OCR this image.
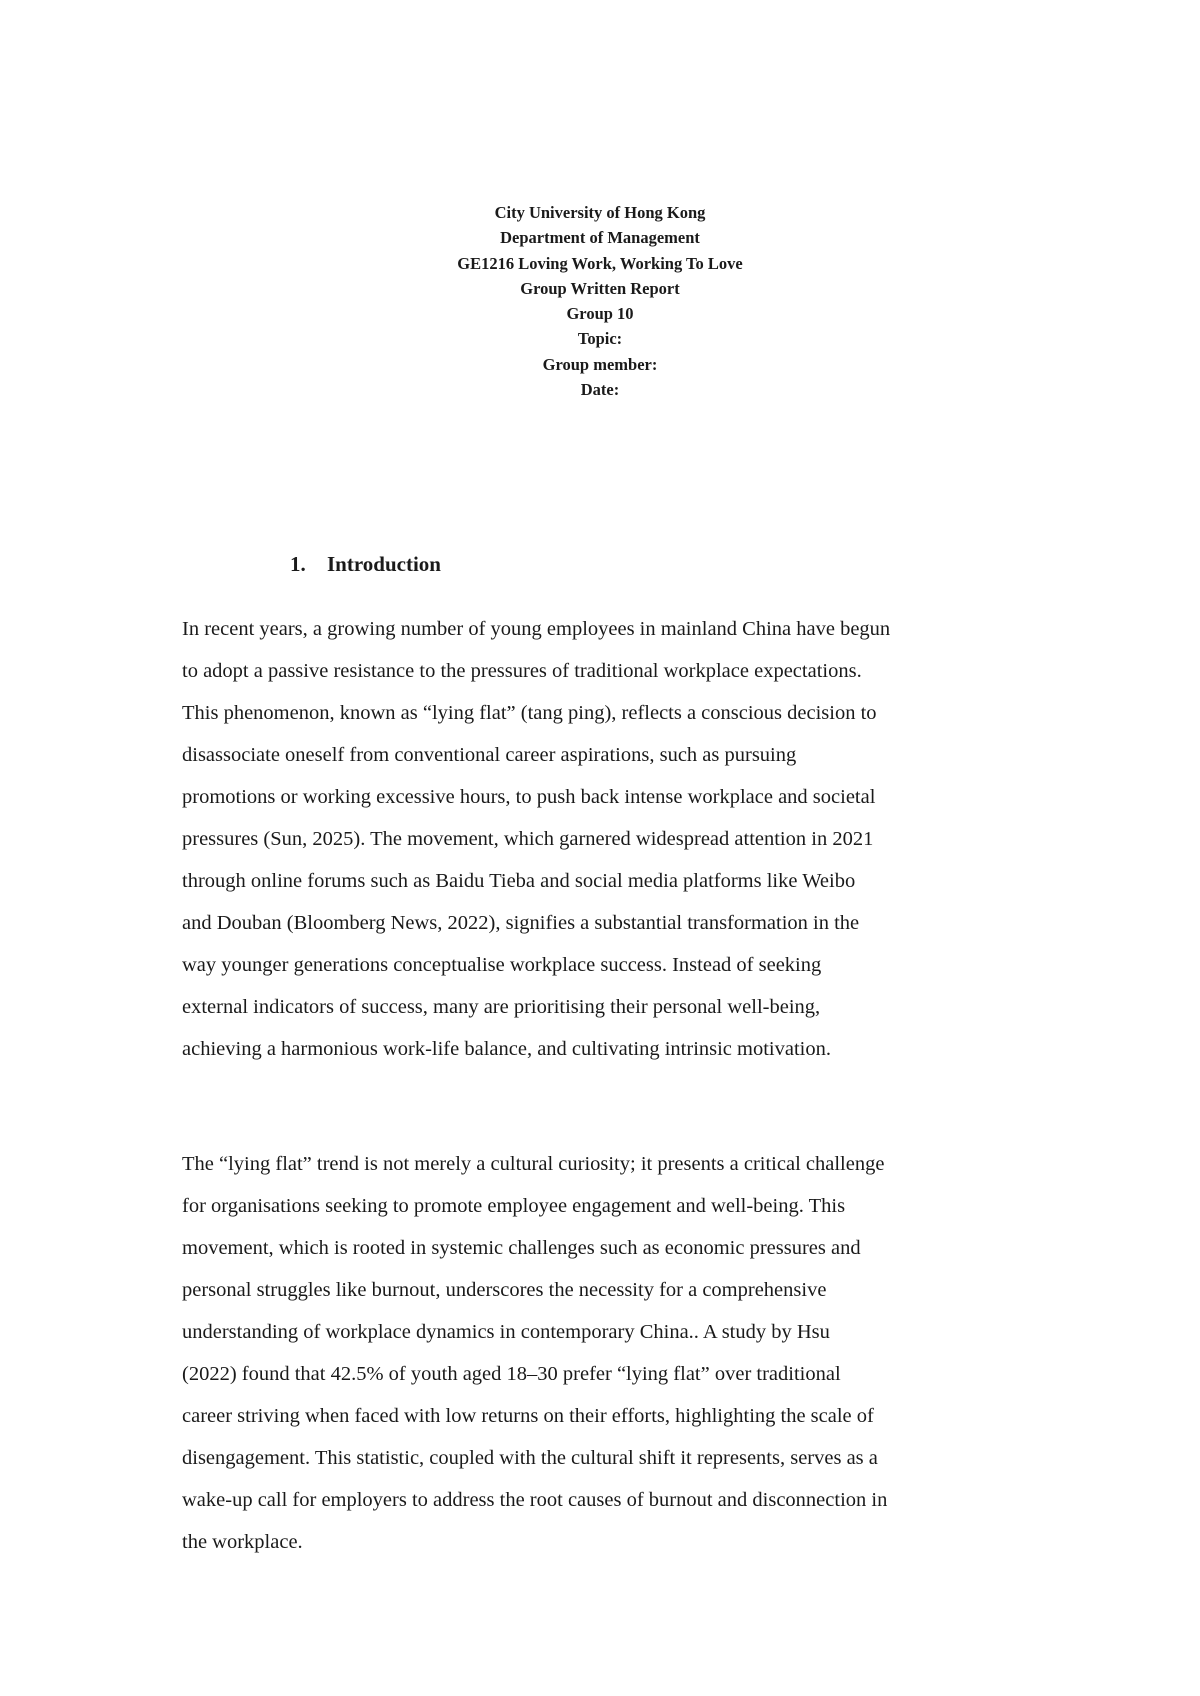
City University of Hong Kong
Department of Management
GE1216 Loving Work, Working To Love
Group Written Report
Group 10
Topic:
Group member:
Date:
1. Introduction
In recent years, a growing number of young employees in mainland China have begun
to adopt a passive resistance to the pressures of traditional workplace expectations.
This phenomenon, known as “lying flat” (tang ping), reflects a conscious decision to
disassociate oneself from conventional career aspirations, such as pursuing
promotions or working excessive hours, to push back intense workplace and societal
pressures (Sun, 2025). The movement, which garnered widespread attention in 2021
through online forums such as Baidu Tieba and social media platforms like Weibo
and Douban (Bloomberg News, 2022), signifies a substantial transformation in the
way younger generations conceptualise workplace success. Instead of seeking
external indicators of success, many are prioritising their personal well-being,
achieving a harmonious work-life balance, and cultivating intrinsic motivation.
The “lying flat” trend is not merely a cultural curiosity; it presents a critical challenge
for organisations seeking to promote employee engagement and well-being. This
movement, which is rooted in systemic challenges such as economic pressures and
personal struggles like burnout, underscores the necessity for a comprehensive
understanding of workplace dynamics in contemporary China.. A study by Hsu
(2022) found that 42.5% of youth aged 18–30 prefer “lying flat” over traditional
career striving when faced with low returns on their efforts, highlighting the scale of
disengagement. This statistic, coupled with the cultural shift it represents, serves as a
wake-up call for employers to address the root causes of burnout and disconnection in
the workplace.
